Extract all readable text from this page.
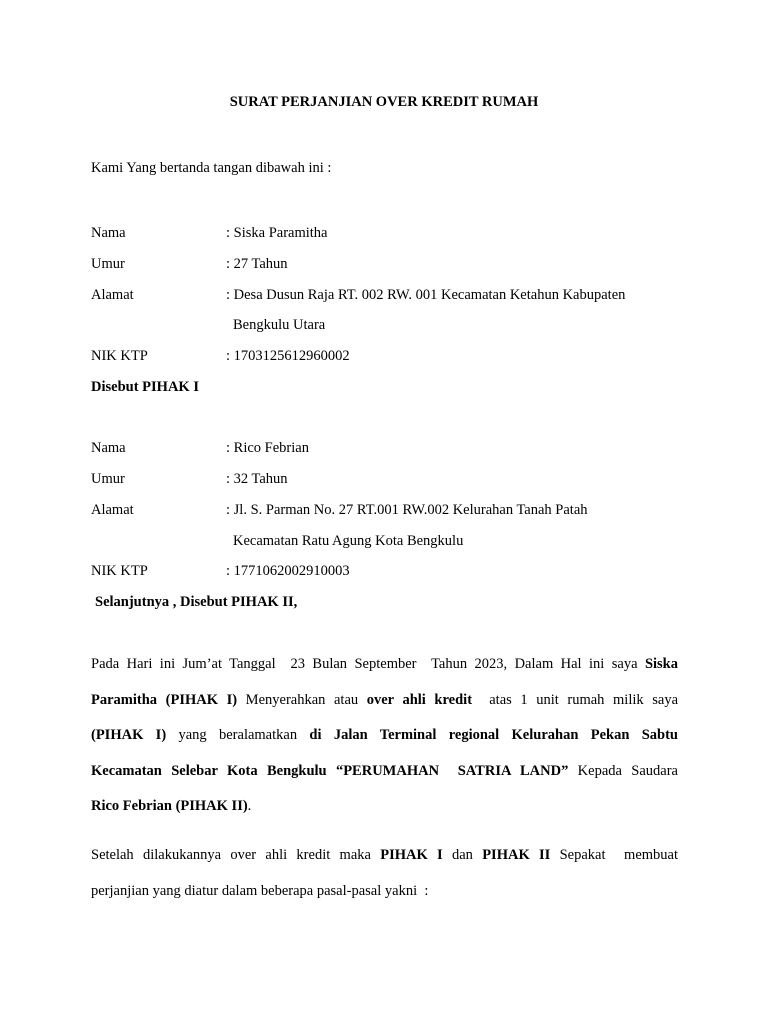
SURAT PERJANJIAN OVER KREDIT RUMAH
Kami Yang bertanda tangan dibawah ini :
Nama	: Siska Paramitha
Umur	: 27 Tahun
Alamat	: Desa Dusun Raja RT. 002 RW. 001 Kecamatan Ketahun Kabupaten
Bengkulu Utara
NIK KTP	: 1703125612960002
Disebut PIHAK I
Nama	: Rico Febrian
Umur	: 32 Tahun
Alamat	: Jl. S. Parman No. 27 RT.001 RW.002 Kelurahan Tanah Patah
Kecamatan Ratu Agung Kota Bengkulu
NIK KTP	: 1771062002910003
Selanjutnya , Disebut PIHAK II,
Pada Hari ini Jum’at Tanggal  23 Bulan September  Tahun 2023, Dalam Hal ini saya Siska
Paramitha (PIHAK I) Menyerahkan atau over ahli kredit  atas 1 unit rumah milik saya
(PIHAK I) yang beralamatkan di Jalan Terminal regional Kelurahan Pekan Sabtu
Kecamatan Selebar Kota Bengkulu “PERUMAHAN  SATRIA LAND” Kepada Saudara
Rico Febrian (PIHAK II).
Setelah dilakukannya over ahli kredit maka PIHAK I dan PIHAK II Sepakat  membuat
perjanjian yang diatur dalam beberapa pasal-pasal yakni  :
